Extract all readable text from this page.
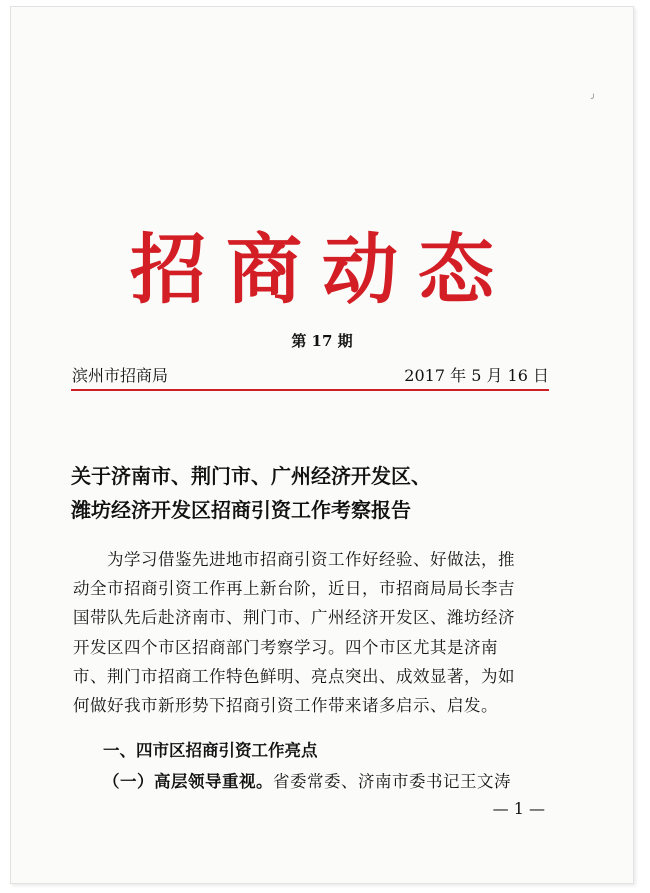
╯
招商动态
第 17 期
滨州市招商局	2017 年 5 月 16 日
关于济南市、荆门市、广州经济开发区、
潍坊经济开发区招商引资工作考察报告
为学习借鉴先进地市招商引资工作好经验、好做法，推
动全市招商引资工作再上新台阶，近日，市招商局局长李吉
国带队先后赴济南市、荆门市、广州经济开发区、潍坊经济
开发区四个市区招商部门考察学习。四个市区尤其是济南
市、荆门市招商工作特色鲜明、亮点突出、成效显著，为如
何做好我市新形势下招商引资工作带来诸多启示、启发。
一、四市区招商引资工作亮点
（一）高层领导重视。省委常委、济南市委书记王文涛
— 1 —
